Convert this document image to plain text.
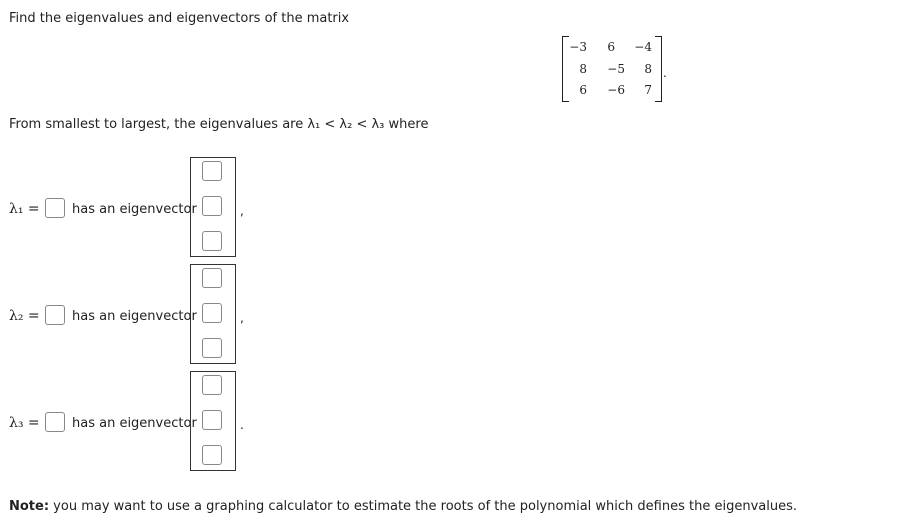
Find the eigenvalues and eigenvectors of the matrix
−3	6	−4
8	−5	8
6	−6	7
.
From smallest to largest, the eigenvalues are λ₁ < λ₂ < λ₃ where
λ₁ = has an eigenvector	,
λ₂ = has an eigenvector	,
λ₃ = has an eigenvector	.
Note: you may want to use a graphing calculator to estimate the roots of the polynomial which defines the eigenvalues.
